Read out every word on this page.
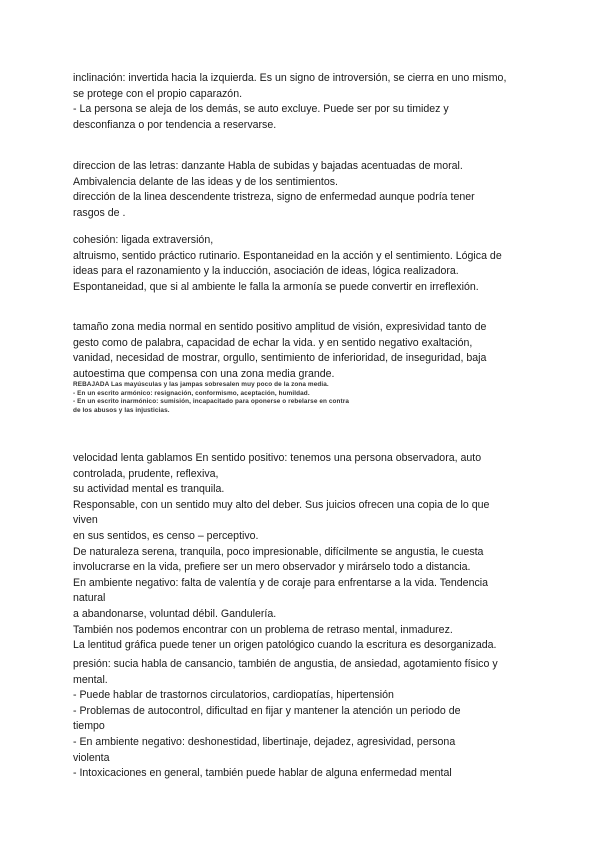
inclinación: invertida hacia la izquierda. Es un signo de introversión, se cierra en uno mismo,
se protege con el propio caparazón.
- La persona se aleja de los demás, se auto excluye. Puede ser por su timidez y
desconfianza o por tendencia a reservarse.
direccion de las letras: danzante Habla de subidas y bajadas acentuadas de moral.
Ambivalencia delante de las ideas y de los sentimientos.
dirección de la linea descendente tristreza, signo de enfermedad aunque podría tener
rasgos de .
cohesión: ligada extraversión,
altruismo, sentido práctico rutinario. Espontaneidad en la acción y el sentimiento. Lógica de
ideas para el razonamiento y la inducción, asociación de ideas, lógica realizadora.
Espontaneidad, que si al ambiente le falla la armonía se puede convertir en irreflexión.
tamaño zona media normal en sentido positivo amplitud de visión, expresividad tanto de
gesto como de palabra, capacidad de echar la vida. y en sentido negativo exaltación,
vanidad, necesidad de mostrar, orgullo, sentimiento de inferioridad, de inseguridad, baja
autoestima que compensa con una zona media grande.
REBAJADA Las mayúsculas y las jampas sobresalen muy poco de la zona media.
- En un escrito armónico: resignación, conformismo, aceptación, humildad.
- En un escrito inarmónico: sumisión, incapacitado para oponerse o rebelarse en contra
de los abusos y las injusticias.
velocidad lenta gablamos En sentido positivo: tenemos una persona observadora, auto
controlada, prudente, reflexiva,
su actividad mental es tranquila.
Responsable, con un sentido muy alto del deber. Sus juicios ofrecen una copia de lo que
viven
en sus sentidos, es censo – perceptivo.
De naturaleza serena, tranquila, poco impresionable, difícilmente se angustia, le cuesta
involucrarse en la vida, prefiere ser un mero observador y mirárselo todo a distancia.
En ambiente negativo: falta de valentía y de coraje para enfrentarse a la vida. Tendencia
natural
a abandonarse, voluntad débil. Gandulería.
También nos podemos encontrar con un problema de retraso mental, inmadurez.
La lentitud gráfica puede tener un origen patológico cuando la escritura es desorganizada.
presión: sucia habla de cansancio, también de angustia, de ansiedad, agotamiento físico y
mental.
- Puede hablar de trastornos circulatorios, cardiopatías, hipertensión
- Problemas de autocontrol, dificultad en fijar y mantener la atención un periodo de
tiempo
- En ambiente negativo: deshonestidad, libertinaje, dejadez, agresividad, persona
violenta
- Intoxicaciones en general, también puede hablar de alguna enfermedad mental
